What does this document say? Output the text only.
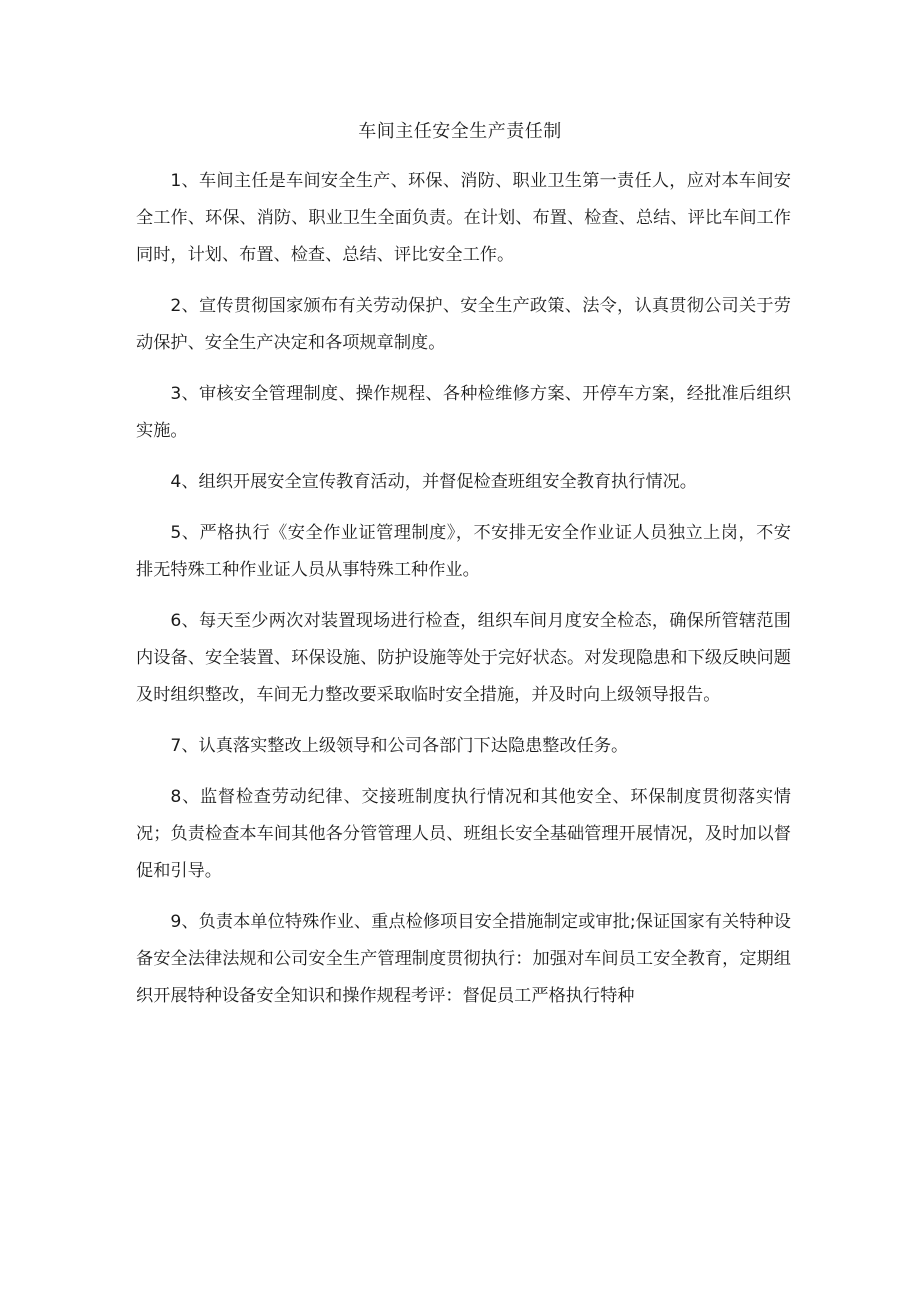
车间主任安全生产责任制

1、车间主任是车间安全生产、环保、消防、职业卫生第一责任人，应对本车间安全工作、环保、消防、职业卫生全面负责。在计划、布置、检查、总结、评比车间工作同时，计划、布置、检查、总结、评比安全工作。

2、宣传贯彻国家颁布有关劳动保护、安全生产政策、法令，认真贯彻公司关于劳动保护、安全生产决定和各项规章制度。

3、审核安全管理制度、操作规程、各种检维修方案、开停车方案，经批准后组织实施。

4、组织开展安全宣传教育活动，并督促检查班组安全教育执行情况。

5、严格执行《安全作业证管理制度》，不安排无安全作业证人员独立上岗，不安排无特殊工种作业证人员从事特殊工种作业。

6、每天至少两次对装置现场进行检查，组织车间月度安全检态，确保所管辖范围内设备、安全装置、环保设施、防护设施等处于完好状态。对发现隐患和下级反映问题及时组织整改，车间无力整改要采取临时安全措施，并及时向上级领导报告。

7、认真落实整改上级领导和公司各部门下达隐患整改任务。

8、监督检查劳动纪律、交接班制度执行情况和其他安全、环保制度贯彻落实情况；负责检查本车间其他各分管管理人员、班组长安全基础管理开展情况，及时加以督促和引导。

9、负责本单位特殊作业、重点检修项目安全措施制定或审批;保证国家有关特种设备安全法律法规和公司安全生产管理制度贯彻执行：加强对车间员工安全教育，定期组织开展特种设备安全知识和操作规程考评：督促员工严格执行特种
